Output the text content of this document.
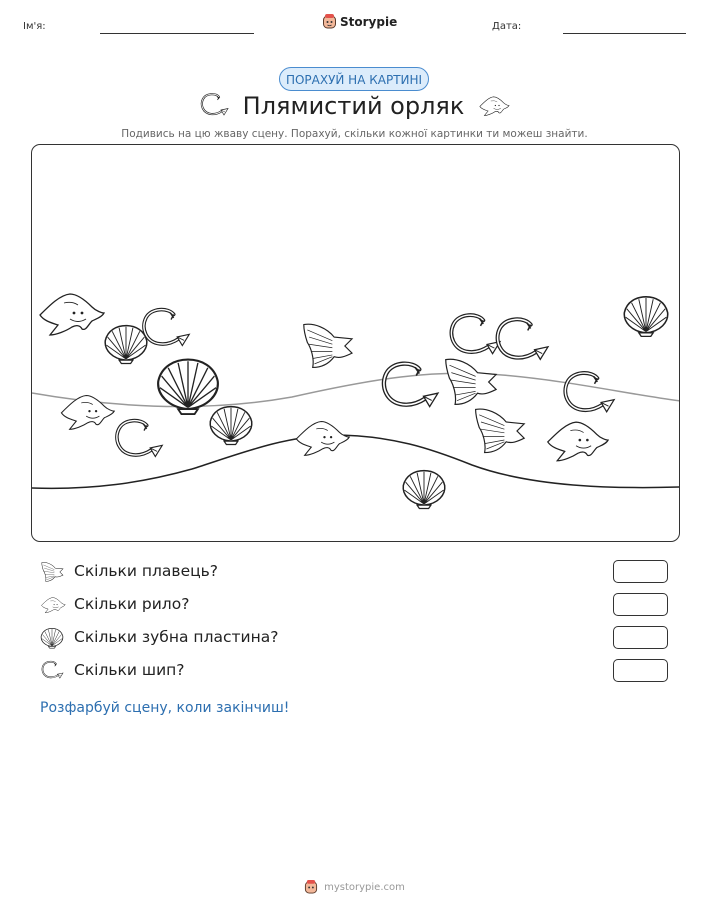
Ім'я:	Storypie	Дата:
ПОРАХУЙ НА КАРТИНІ
Плямистий орляк
Подивись на цю жваву сцену. Порахуй, скільки кожної картинки ти можеш знайти.
Скільки плавець?
Скільки рило?
Скільки зубна пластина?
Скільки шип?
Розфарбуй сцену, коли закінчиш!
mystorypie.com
